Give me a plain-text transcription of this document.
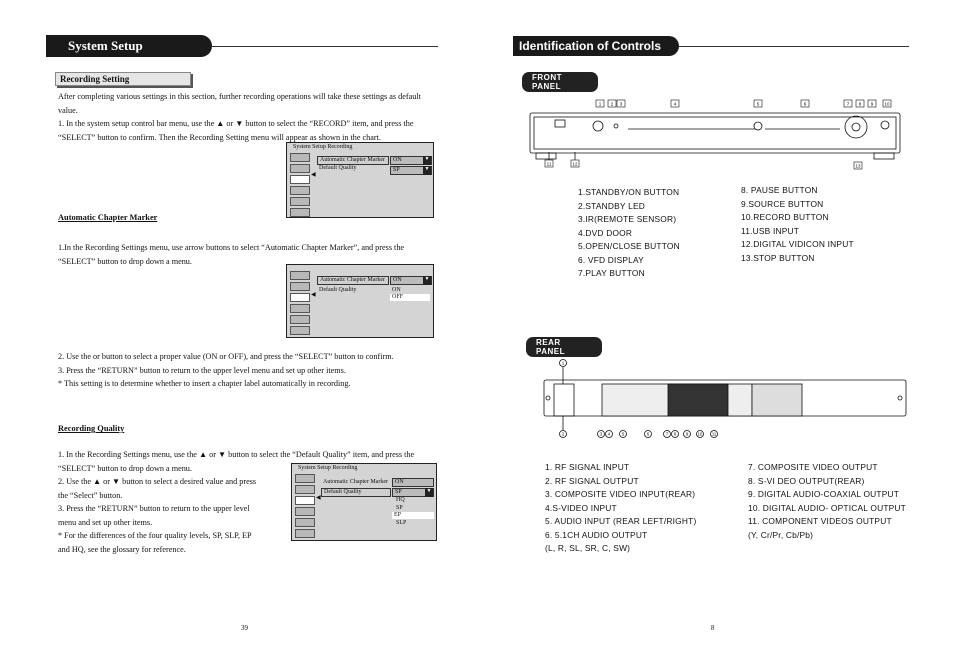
System Setup
Recording Setting
After completing various settings in this section, further recording operations will take these settings as default
value.
1. In the system setup control bar menu, use the ▲ or ▼ button to select the “RECORD” item, and press the
“SELECT” button to confirm. Then the Recording Setting menu will appear as shown in the chart.
System Setup Recording
◀
Automatic Chapter Marker
Default Quality
ON	▼
SP	▼
Automatic Chapter Marker
1.In the Recording Settings menu, use arrow buttons to select “Automatic Chapter Marker”, and press the
“SELECT” button to drop down a menu.
◀
Automatic Chapter Marker
Default Quality
ON	▼
ON
OFF
2. Use the or button to select a proper value (ON or OFF), and press the “SELECT” button to confirm.
3. Press the “RETURN” button to return to the upper level menu and set up other items.
* This setting is to determine whether to insert a chapter label automatically in recording.
Recording Quality
1. In the Recording Settings menu, use the ▲ or ▼ button to select the “Default Quality” item, and press the
“SELECT” button to drop down a menu.
2. Use the ▲ or ▼ button to select a desired value and press
the “Select” button.
3. Press the “RETURN” button to return to the upper level
menu and set up other items.
* For the differences of the four quality levels, SP, SLP, EP
and HQ, see the glossary for reference.
System Setup Recording
◀
Automatic Chapter Marker
Default Quality
ON
SP	▼
HQ
SP
EP
SLP
39
Identification of Controls
FRONT PANEL
1 2 3	4	5	6	7 8 9 10
11	12	13
1.STANDBY/ON BUTTON
2.STANDBY LED
3.IR(REMOTE SENSOR)
4.DVD DOOR
5.OPEN/CLOSE BUTTON
6. VFD DISPLAY
7.PLAY BUTTON
8. PAUSE BUTTON
9.SOURCE BUTTON
10.RECORD BUTTON
11.USB INPUT
12.DIGITAL VIDICON INPUT
13.STOP BUTTON
REAR PANEL
1
2	3 4	5	6	7 8 9 10 11
1. RF SIGNAL INPUT
2. RF SIGNAL OUTPUT
3. COMPOSITE VIDEO INPUT(REAR)
4.S-VIDEO INPUT
5. AUDIO INPUT (REAR LEFT/RIGHT)
6. 5.1CH AUDIO OUTPUT
(L, R, SL, SR, C, SW)
7. COMPOSITE VIDEO OUTPUT
8. S-VI DEO OUTPUT(REAR)
9. DIGITAL AUDIO-COAXIAL OUTPUT
10. DIGITAL AUDIO- OPTICAL OUTPUT
11. COMPONENT VIDEOS OUTPUT
(Y, Cr/Pr, Cb/Pb)
8
